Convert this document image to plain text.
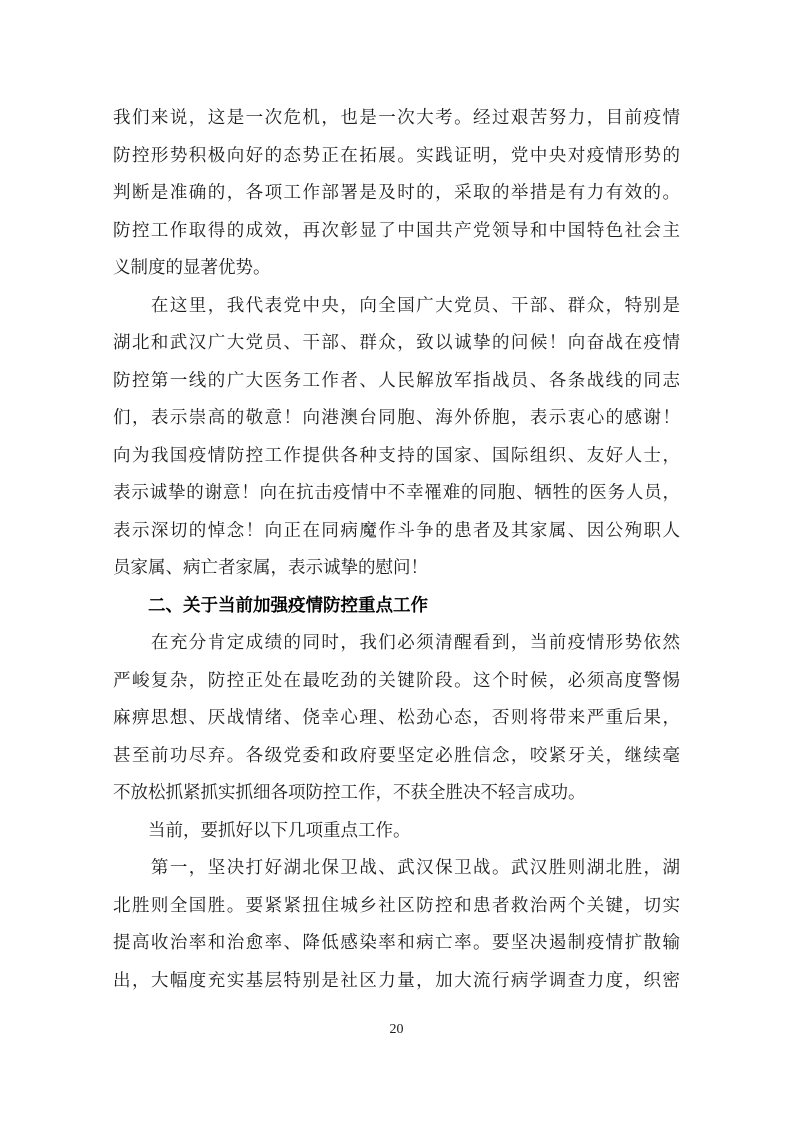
我们来说，这是一次危机，也是一次大考。经过艰苦努力，目前疫情
防控形势积极向好的态势正在拓展。实践证明，党中央对疫情形势的
判断是准确的，各项工作部署是及时的，采取的举措是有力有效的。
防控工作取得的成效，再次彰显了中国共产党领导和中国特色社会主
义制度的显著优势。
　　在这里，我代表党中央，向全国广大党员、干部、群众，特别是
湖北和武汉广大党员、干部、群众，致以诚挚的问候！向奋战在疫情
防控第一线的广大医务工作者、人民解放军指战员、各条战线的同志
们，表示崇高的敬意！向港澳台同胞、海外侨胞，表示衷心的感谢！
向为我国疫情防控工作提供各种支持的国家、国际组织、友好人士，
表示诚挚的谢意！向在抗击疫情中不幸罹难的同胞、牺牲的医务人员，
表示深切的悼念！向正在同病魔作斗争的患者及其家属、因公殉职人
员家属、病亡者家属，表示诚挚的慰问！
　　二、关于当前加强疫情防控重点工作
　　在充分肯定成绩的同时，我们必须清醒看到，当前疫情形势依然
严峻复杂，防控正处在最吃劲的关键阶段。这个时候，必须高度警惕
麻痹思想、厌战情绪、侥幸心理、松劲心态，否则将带来严重后果，
甚至前功尽弃。各级党委和政府要坚定必胜信念，咬紧牙关，继续毫
不放松抓紧抓实抓细各项防控工作，不获全胜决不轻言成功。
　　当前，要抓好以下几项重点工作。
　　第一，坚决打好湖北保卫战、武汉保卫战。武汉胜则湖北胜，湖
北胜则全国胜。要紧紧扭住城乡社区防控和患者救治两个关键，切实
提高收治率和治愈率、降低感染率和病亡率。要坚决遏制疫情扩散输
出，大幅度充实基层特别是社区力量，加大流行病学调查力度，织密
20
